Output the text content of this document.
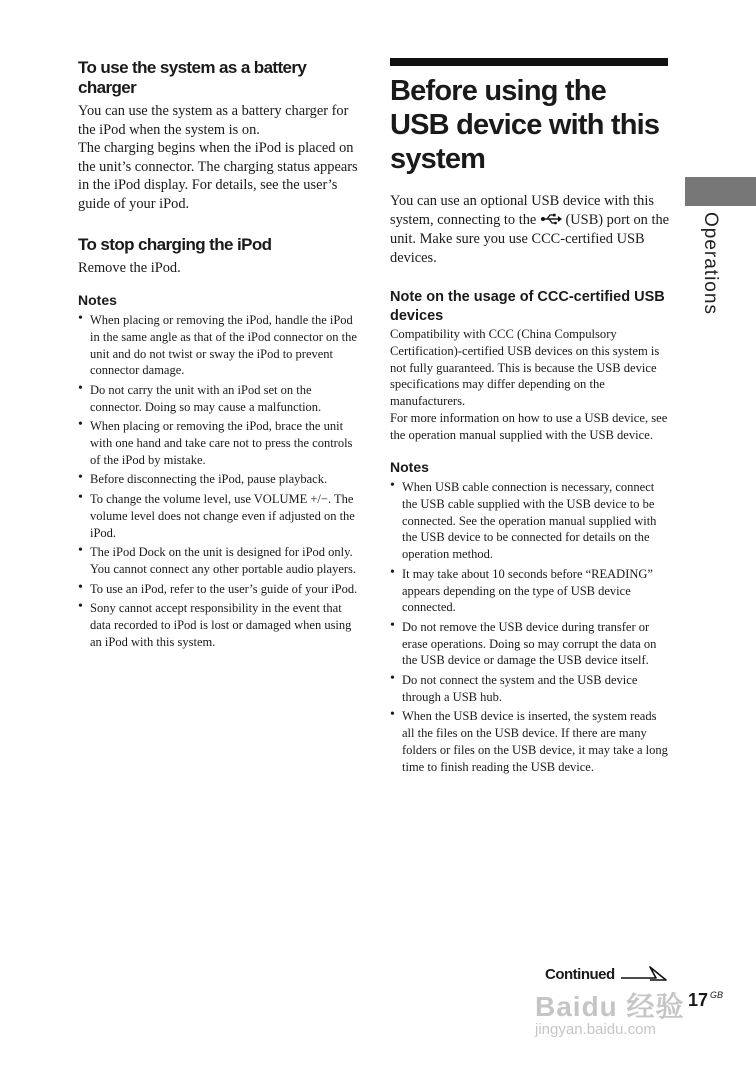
To use the system as a battery charger

You can use the system as a battery charger for the iPod when the system is on.

The charging begins when the iPod is placed on the unit’s connector. The charging status appears in the iPod display. For details, see the user’s guide of your iPod.

To stop charging the iPod

Remove the iPod.

Notes
• When placing or removing the iPod, handle the iPod in the same angle as that of the iPod connector on the unit and do not twist or sway the iPod to prevent connector damage.
• Do not carry the unit with an iPod set on the connector. Doing so may cause a malfunction.
• When placing or removing the iPod, brace the unit with one hand and take care not to press the controls of the iPod by mistake.
• Before disconnecting the iPod, pause playback.
• To change the volume level, use VOLUME +/−. The volume level does not change even if adjusted on the iPod.
• The iPod Dock on the unit is designed for iPod only. You cannot connect any other portable audio players.
• To use an iPod, refer to the user’s guide of your iPod.
• Sony cannot accept responsibility in the event that data recorded to iPod is lost or damaged when using an iPod with this system.
Before using the USB device with this system

You can use an optional USB device with this system, connecting to the (USB) port on the unit. Make sure you use CCC-certified USB devices.

Note on the usage of CCC-certified USB devices

Compatibility with CCC (China Compulsory Certification)-certified USB devices on this system is not fully guaranteed. This is because the USB device specifications may differ depending on the manufacturers.

For more information on how to use a USB device, see the operation manual supplied with the USB device.

Notes
• When USB cable connection is necessary, connect the USB cable supplied with the USB device to be connected. See the operation manual supplied with the USB device to be connected for details on the operation method.
• It may take about 10 seconds before “READING” appears depending on the type of USB device connected.
• Do not remove the USB device during transfer or erase operations. Doing so may corrupt the data on the USB device or damage the USB device itself.
• Do not connect the system and the USB device through a USB hub.
• When the USB device is inserted, the system reads all the files on the USB device. If there are many folders or files on the USB device, it may take a long time to finish reading the USB device.
Operations
Continued
Baidu 经验
jingyan.baidu.com
17 GB
